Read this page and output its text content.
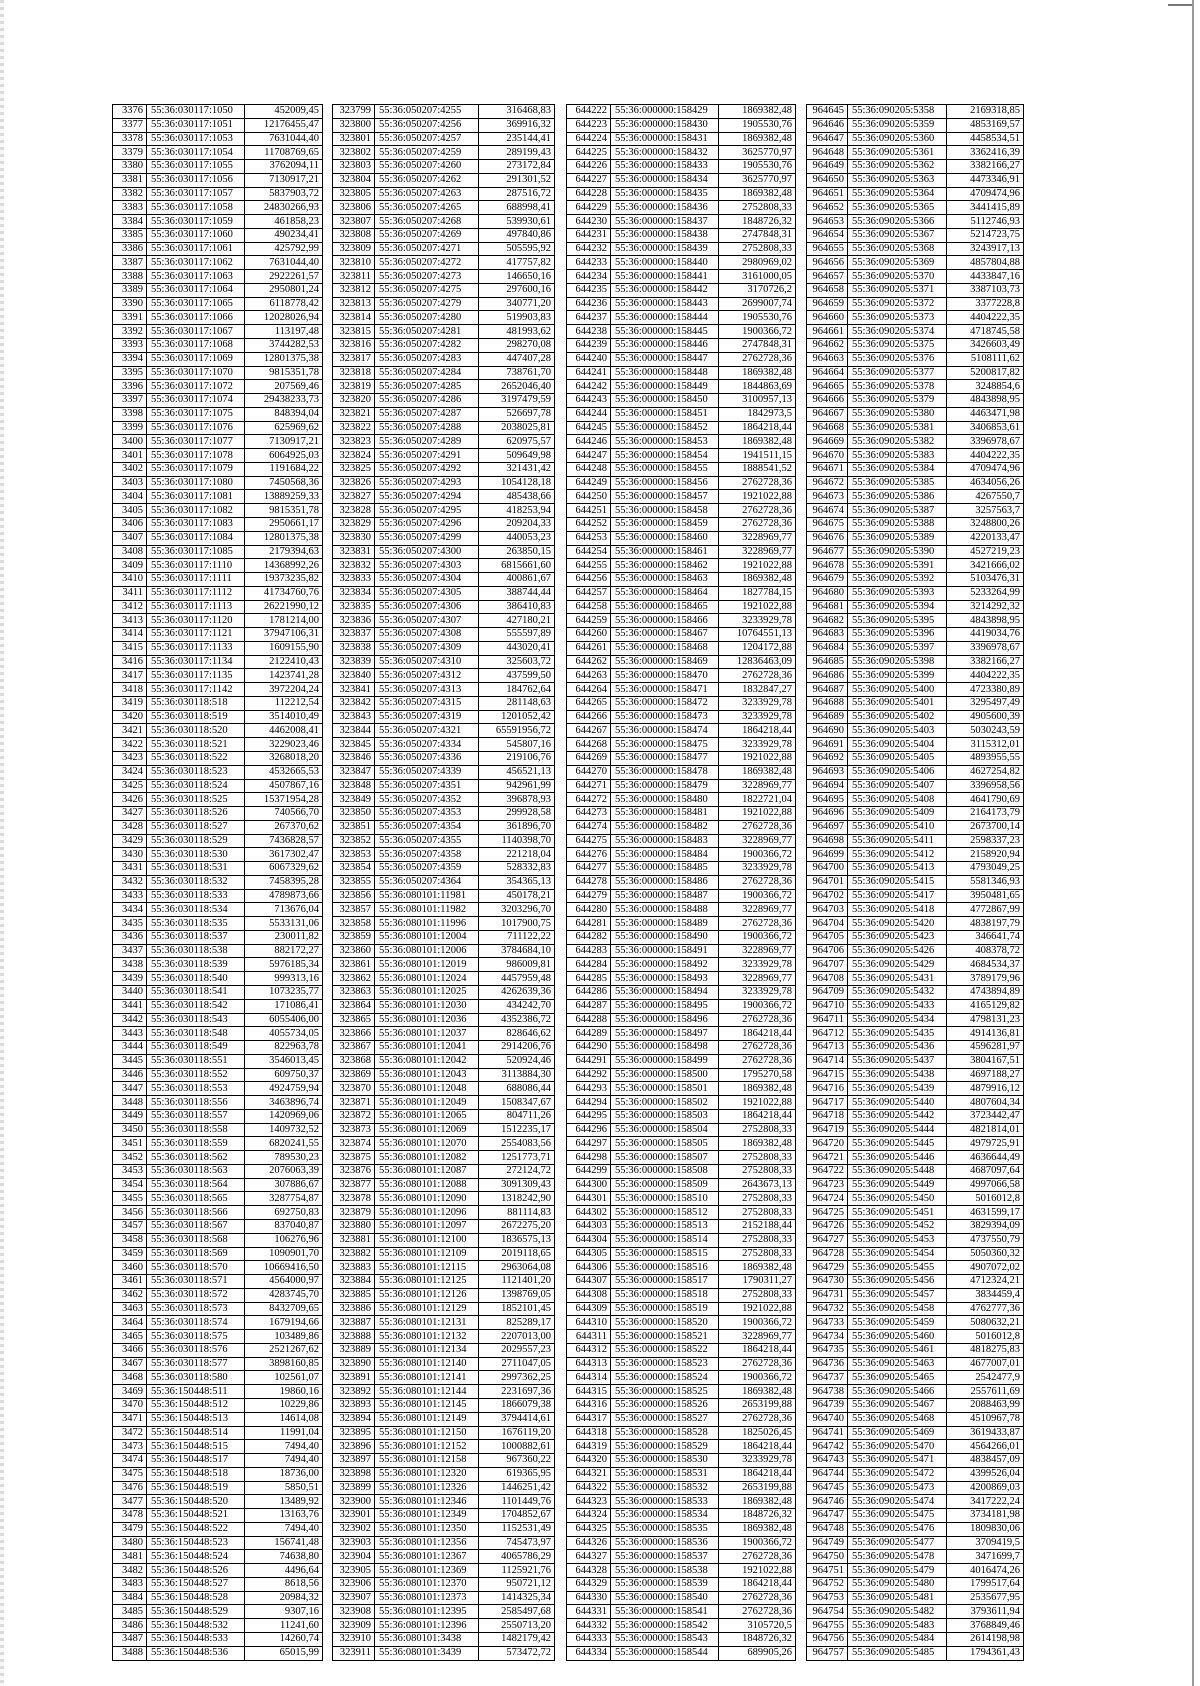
3376	55:36:030117:1050	452009,45
3377	55:36:030117:1051	12176455,47
3378	55:36:030117:1053	7631044,40
3379	55:36:030117:1054	11708769,65
3380	55:36:030117:1055	3762094,11
3381	55:36:030117:1056	7130917,21
3382	55:36:030117:1057	5837903,72
3383	55:36:030117:1058	24830266,93
3384	55:36:030117:1059	461858,23
3385	55:36:030117:1060	490234,41
3386	55:36:030117:1061	425792,99
3387	55:36:030117:1062	7631044,40
3388	55:36:030117:1063	2922261,57
3389	55:36:030117:1064	2950801,24
3390	55:36:030117:1065	6118778,42
3391	55:36:030117:1066	12028026,94
3392	55:36:030117:1067	113197,48
3393	55:36:030117:1068	3744282,53
3394	55:36:030117:1069	12801375,38
3395	55:36:030117:1070	9815351,78
3396	55:36:030117:1072	207569,46
3397	55:36:030117:1074	29438233,73
3398	55:36:030117:1075	848394,04
3399	55:36:030117:1076	625969,62
3400	55:36:030117:1077	7130917,21
3401	55:36:030117:1078	6064925,03
3402	55:36:030117:1079	1191684,22
3403	55:36:030117:1080	7450568,36
3404	55:36:030117:1081	13889259,33
3405	55:36:030117:1082	9815351,78
3406	55:36:030117:1083	2950661,17
3407	55:36:030117:1084	12801375,38
3408	55:36:030117:1085	2179394,63
3409	55:36:030117:1110	14368992,26
3410	55:36:030117:1111	19373235,82
3411	55:36:030117:1112	41734760,76
3412	55:36:030117:1113	26221990,12
3413	55:36:030117:1120	1781214,00
3414	55:36:030117:1121	37947106,31
3415	55:36:030117:1133	1609155,90
3416	55:36:030117:1134	2122410,43
3417	55:36:030117:1135	1423741,28
3418	55:36:030117:1142	3972204,24
3419	55:36:030118:518	112212,54
3420	55:36:030118:519	3514010,49
3421	55:36:030118:520	4462008,41
3422	55:36:030118:521	3229023,46
3423	55:36:030118:522	3268018,20
3424	55:36:030118:523	4532665,53
3425	55:36:030118:524	4507867,16
3426	55:36:030118:525	15371954,28
3427	55:36:030118:526	740566,70
3428	55:36:030118:527	267370,62
3429	55:36:030118:529	7436828,57
3430	55:36:030118:530	3617302,47
3431	55:36:030118:531	6067329,62
3432	55:36:030118:532	7458395,28
3433	55:36:030118:533	4789873,66
3434	55:36:030118:534	713676,04
3435	55:36:030118:535	5533131,06
3436	55:36:030118:537	230011,82
3437	55:36:030118:538	882172,27
3438	55:36:030118:539	5976185,34
3439	55:36:030118:540	999313,16
3440	55:36:030118:541	1073235,77
3441	55:36:030118:542	171086,41
3442	55:36:030118:543	6055406,00
3443	55:36:030118:548	4055734,05
3444	55:36:030118:549	822963,78
3445	55:36:030118:551	3546013,45
3446	55:36:030118:552	609750,37
3447	55:36:030118:553	4924759,94
3448	55:36:030118:556	3463896,74
3449	55:36:030118:557	1420969,06
3450	55:36:030118:558	1409732,52
3451	55:36:030118:559	6820241,55
3452	55:36:030118:562	789530,23
3453	55:36:030118:563	2076063,39
3454	55:36:030118:564	307886,67
3455	55:36:030118:565	3287754,87
3456	55:36:030118:566	692750,83
3457	55:36:030118:567	837040,87
3458	55:36:030118:568	106276,96
3459	55:36:030118:569	1090901,70
3460	55:36:030118:570	10669416,50
3461	55:36:030118:571	4564000,97
3462	55:36:030118:572	4283745,70
3463	55:36:030118:573	8432709,65
3464	55:36:030118:574	1679194,66
3465	55:36:030118:575	103489,86
3466	55:36:030118:576	2521267,62
3467	55:36:030118:577	3898160,85
3468	55:36:030118:580	102561,07
3469	55:36:150448:511	19860,16
3470	55:36:150448:512	10229,86
3471	55:36:150448:513	14614,08
3472	55:36:150448:514	11991,04
3473	55:36:150448:515	7494,40
3474	55:36:150448:517	7494,40
3475	55:36:150448:518	18736,00
3476	55:36:150448:519	5850,51
3477	55:36:150448:520	13489,92
3478	55:36:150448:521	13163,76
3479	55:36:150448:522	7494,40
3480	55:36:150448:523	156741,48
3481	55:36:150448:524	74638,80
3482	55:36:150448:526	4496,64
3483	55:36:150448:527	8618,56
3484	55:36:150448:528	20984,32
3485	55:36:150448:529	9307,16
3486	55:36:150448:532	11241,60
3487	55:36:150448:533	14260,74
3488	55:36:150448:536	65015,99
323799	55:36:050207:4255	316468,83
323800	55:36:050207:4256	369916,32
323801	55:36:050207:4257	235144,41
323802	55:36:050207:4259	289199,43
323803	55:36:050207:4260	273172,84
323804	55:36:050207:4262	291301,52
323805	55:36:050207:4263	287516,72
323806	55:36:050207:4265	688998,41
323807	55:36:050207:4268	539930,61
323808	55:36:050207:4269	497840,86
323809	55:36:050207:4271	505595,92
323810	55:36:050207:4272	417757,82
323811	55:36:050207:4273	146650,16
323812	55:36:050207:4275	297600,16
323813	55:36:050207:4279	340771,20
323814	55:36:050207:4280	519903,83
323815	55:36:050207:4281	481993,62
323816	55:36:050207:4282	298270,08
323817	55:36:050207:4283	447407,28
323818	55:36:050207:4284	738761,70
323819	55:36:050207:4285	2652046,40
323820	55:36:050207:4286	3197479,59
323821	55:36:050207:4287	526697,78
323822	55:36:050207:4288	2038025,81
323823	55:36:050207:4289	620975,57
323824	55:36:050207:4291	509649,98
323825	55:36:050207:4292	321431,42
323826	55:36:050207:4293	1054128,18
323827	55:36:050207:4294	485438,66
323828	55:36:050207:4295	418253,94
323829	55:36:050207:4296	209204,33
323830	55:36:050207:4299	440053,23
323831	55:36:050207:4300	263850,15
323832	55:36:050207:4303	6815661,60
323833	55:36:050207:4304	400861,67
323834	55:36:050207:4305	388744,44
323835	55:36:050207:4306	386410,83
323836	55:36:050207:4307	427180,21
323837	55:36:050207:4308	555597,89
323838	55:36:050207:4309	443020,41
323839	55:36:050207:4310	325603,72
323840	55:36:050207:4312	437599,50
323841	55:36:050207:4313	184762,64
323842	55:36:050207:4315	281148,63
323843	55:36:050207:4319	1201052,42
323844	55:36:050207:4321	65591956,72
323845	55:36:050207:4334	545807,16
323846	55:36:050207:4336	219106,76
323847	55:36:050207:4339	456521,13
323848	55:36:050207:4351	942961,99
323849	55:36:050207:4352	396878,93
323850	55:36:050207:4353	299928,58
323851	55:36:050207:4354	361896,70
323852	55:36:050207:4355	1140398,70
323853	55:36:050207:4358	221218,04
323854	55:36:050207:4359	528332,83
323855	55:36:050207:4364	354365,13
323856	55:36:080101:11981	450178,21
323857	55:36:080101:11982	3203296,70
323858	55:36:080101:11996	1017900,75
323859	55:36:080101:12004	711122,22
323860	55:36:080101:12006	3784684,10
323861	55:36:080101:12019	986009,81
323862	55:36:080101:12024	4457959,48
323863	55:36:080101:12025	4262639,36
323864	55:36:080101:12030	434242,70
323865	55:36:080101:12036	4352386,72
323866	55:36:080101:12037	828646,62
323867	55:36:080101:12041	2914206,76
323868	55:36:080101:12042	520924,46
323869	55:36:080101:12043	3113884,30
323870	55:36:080101:12048	688086,44
323871	55:36:080101:12049	1508347,67
323872	55:36:080101:12065	804711,26
323873	55:36:080101:12069	1512235,17
323874	55:36:080101:12070	2554083,56
323875	55:36:080101:12082	1251773,71
323876	55:36:080101:12087	272124,72
323877	55:36:080101:12088	3091309,43
323878	55:36:080101:12090	1318242,90
323879	55:36:080101:12096	881114,83
323880	55:36:080101:12097	2672275,20
323881	55:36:080101:12100	1836575,13
323882	55:36:080101:12109	2019118,65
323883	55:36:080101:12115	2963064,08
323884	55:36:080101:12125	1121401,20
323885	55:36:080101:12126	1398769,05
323886	55:36:080101:12129	1852101,45
323887	55:36:080101:12131	825289,17
323888	55:36:080101:12132	2207013,00
323889	55:36:080101:12134	2029557,23
323890	55:36:080101:12140	2711047,05
323891	55:36:080101:12141	2997362,25
323892	55:36:080101:12144	2231697,36
323893	55:36:080101:12145	1866079,38
323894	55:36:080101:12149	3794414,61
323895	55:36:080101:12150	1676119,20
323896	55:36:080101:12152	1000882,61
323897	55:36:080101:12158	967360,22
323898	55:36:080101:12320	619365,95
323899	55:36:080101:12326	1446251,42
323900	55:36:080101:12346	1101449,76
323901	55:36:080101:12349	1704852,67
323902	55:36:080101:12350	1152531,49
323903	55:36:080101:12356	745473,97
323904	55:36:080101:12367	4065786,29
323905	55:36:080101:12369	1125921,76
323906	55:36:080101:12370	950721,12
323907	55:36:080101:12373	1414325,34
323908	55:36:080101:12395	2585497,68
323909	55:36:080101:12396	2550713,20
323910	55:36:080101:3438	1482179,42
323911	55:36:080101:3439	573472,72
644222	55:36:000000:158429	1869382,48
644223	55:36:000000:158430	1905530,76
644224	55:36:000000:158431	1869382,48
644225	55:36:000000:158432	3625770,97
644226	55:36:000000:158433	1905530,76
644227	55:36:000000:158434	3625770,97
644228	55:36:000000:158435	1869382,48
644229	55:36:000000:158436	2752808,33
644230	55:36:000000:158437	1848726,32
644231	55:36:000000:158438	2747848,31
644232	55:36:000000:158439	2752808,33
644233	55:36:000000:158440	2980969,02
644234	55:36:000000:158441	3161000,05
644235	55:36:000000:158442	3170726,2
644236	55:36:000000:158443	2699007,74
644237	55:36:000000:158444	1905530,76
644238	55:36:000000:158445	1900366,72
644239	55:36:000000:158446	2747848,31
644240	55:36:000000:158447	2762728,36
644241	55:36:000000:158448	1869382,48
644242	55:36:000000:158449	1844863,69
644243	55:36:000000:158450	3100957,13
644244	55:36:000000:158451	1842973,5
644245	55:36:000000:158452	1864218,44
644246	55:36:000000:158453	1869382,48
644247	55:36:000000:158454	1941511,15
644248	55:36:000000:158455	1888541,52
644249	55:36:000000:158456	2762728,36
644250	55:36:000000:158457	1921022,88
644251	55:36:000000:158458	2762728,36
644252	55:36:000000:158459	2762728,36
644253	55:36:000000:158460	3228969,77
644254	55:36:000000:158461	3228969,77
644255	55:36:000000:158462	1921022,88
644256	55:36:000000:158463	1869382,48
644257	55:36:000000:158464	1827784,15
644258	55:36:000000:158465	1921022,88
644259	55:36:000000:158466	3233929,78
644260	55:36:000000:158467	10764551,13
644261	55:36:000000:158468	1204172,88
644262	55:36:000000:158469	12836463,09
644263	55:36:000000:158470	2762728,36
644264	55:36:000000:158471	1832847,27
644265	55:36:000000:158472	3233929,78
644266	55:36:000000:158473	3233929,78
644267	55:36:000000:158474	1864218,44
644268	55:36:000000:158475	3233929,78
644269	55:36:000000:158477	1921022,88
644270	55:36:000000:158478	1869382,48
644271	55:36:000000:158479	3228969,77
644272	55:36:000000:158480	1822721,04
644273	55:36:000000:158481	1921022,88
644274	55:36:000000:158482	2762728,36
644275	55:36:000000:158483	3228969,77
644276	55:36:000000:158484	1900366,72
644277	55:36:000000:158485	3233929,78
644278	55:36:000000:158486	2762728,36
644279	55:36:000000:158487	1900366,72
644280	55:36:000000:158488	3228969,77
644281	55:36:000000:158489	2762728,36
644282	55:36:000000:158490	1900366,72
644283	55:36:000000:158491	3228969,77
644284	55:36:000000:158492	3233929,78
644285	55:36:000000:158493	3228969,77
644286	55:36:000000:158494	3233929,78
644287	55:36:000000:158495	1900366,72
644288	55:36:000000:158496	2762728,36
644289	55:36:000000:158497	1864218,44
644290	55:36:000000:158498	2762728,36
644291	55:36:000000:158499	2762728,36
644292	55:36:000000:158500	1795270,58
644293	55:36:000000:158501	1869382,48
644294	55:36:000000:158502	1921022,88
644295	55:36:000000:158503	1864218,44
644296	55:36:000000:158504	2752808,33
644297	55:36:000000:158505	1869382,48
644298	55:36:000000:158507	2752808,33
644299	55:36:000000:158508	2752808,33
644300	55:36:000000:158509	2643673,13
644301	55:36:000000:158510	2752808,33
644302	55:36:000000:158512	2752808,33
644303	55:36:000000:158513	2152188,44
644304	55:36:000000:158514	2752808,33
644305	55:36:000000:158515	2752808,33
644306	55:36:000000:158516	1869382,48
644307	55:36:000000:158517	1790311,27
644308	55:36:000000:158518	2752808,33
644309	55:36:000000:158519	1921022,88
644310	55:36:000000:158520	1900366,72
644311	55:36:000000:158521	3228969,77
644312	55:36:000000:158522	1864218,44
644313	55:36:000000:158523	2762728,36
644314	55:36:000000:158524	1900366,72
644315	55:36:000000:158525	1869382,48
644316	55:36:000000:158526	2653199,88
644317	55:36:000000:158527	2762728,36
644318	55:36:000000:158528	1825026,45
644319	55:36:000000:158529	1864218,44
644320	55:36:000000:158530	3233929,78
644321	55:36:000000:158531	1864218,44
644322	55:36:000000:158532	2653199,88
644323	55:36:000000:158533	1869382,48
644324	55:36:000000:158534	1848726,32
644325	55:36:000000:158535	1869382,48
644326	55:36:000000:158536	1900366,72
644327	55:36:000000:158537	2762728,36
644328	55:36:000000:158538	1921022,88
644329	55:36:000000:158539	1864218,44
644330	55:36:000000:158540	2762728,36
644331	55:36:000000:158541	2762728,36
644332	55:36:000000:158542	3105720,5
644333	55:36:000000:158543	1848726,32
644334	55:36:000000:158544	689905,26
964645	55:36:090205:5358	2169318,85
964646	55:36:090205:5359	4853169,57
964647	55:36:090205:5360	4458534,51
964648	55:36:090205:5361	3362416,39
964649	55:36:090205:5362	3382166,27
964650	55:36:090205:5363	4473346,91
964651	55:36:090205:5364	4709474,96
964652	55:36:090205:5365	3441415,89
964653	55:36:090205:5366	5112746,93
964654	55:36:090205:5367	5214723,75
964655	55:36:090205:5368	3243917,13
964656	55:36:090205:5369	4857804,88
964657	55:36:090205:5370	4433847,16
964658	55:36:090205:5371	3387103,73
964659	55:36:090205:5372	3377228,8
964660	55:36:090205:5373	4404222,35
964661	55:36:090205:5374	4718745,58
964662	55:36:090205:5375	3426603,49
964663	55:36:090205:5376	5108111,62
964664	55:36:090205:5377	5200817,82
964665	55:36:090205:5378	3248854,6
964666	55:36:090205:5379	4843898,95
964667	55:36:090205:5380	4463471,98
964668	55:36:090205:5381	3406853,61
964669	55:36:090205:5382	3396978,67
964670	55:36:090205:5383	4404222,35
964671	55:36:090205:5384	4709474,96
964672	55:36:090205:5385	4634056,26
964673	55:36:090205:5386	4267550,7
964674	55:36:090205:5387	3257563,7
964675	55:36:090205:5388	3248800,26
964676	55:36:090205:5389	4220133,47
964677	55:36:090205:5390	4527219,23
964678	55:36:090205:5391	3421666,02
964679	55:36:090205:5392	5103476,31
964680	55:36:090205:5393	5233264,99
964681	55:36:090205:5394	3214292,32
964682	55:36:090205:5395	4843898,95
964683	55:36:090205:5396	4419034,76
964684	55:36:090205:5397	3396978,67
964685	55:36:090205:5398	3382166,27
964686	55:36:090205:5399	4404222,35
964687	55:36:090205:5400	4723380,89
964688	55:36:090205:5401	3295497,49
964689	55:36:090205:5402	4905600,39
964690	55:36:090205:5403	5030243,59
964691	55:36:090205:5404	3115312,01
964692	55:36:090205:5405	4893955,55
964693	55:36:090205:5406	4627254,82
964694	55:36:090205:5407	3396958,56
964695	55:36:090205:5408	4641790,69
964696	55:36:090205:5409	2164173,79
964697	55:36:090205:5410	2673700,14
964698	55:36:090205:5411	2598337,23
964699	55:36:090205:5412	2158920,94
964700	55:36:090205:5413	4793049,25
964701	55:36:090205:5415	5581346,93
964702	55:36:090205:5417	3950481,65
964703	55:36:090205:5418	4772867,99
964704	55:36:090205:5420	4838197,79
964705	55:36:090205:5423	346641,74
964706	55:36:090205:5426	408378,72
964707	55:36:090205:5429	4684534,37
964708	55:36:090205:5431	3789179,96
964709	55:36:090205:5432	4743894,89
964710	55:36:090205:5433	4165129,82
964711	55:36:090205:5434	4798131,23
964712	55:36:090205:5435	4914136,81
964713	55:36:090205:5436	4596281,97
964714	55:36:090205:5437	3804167,51
964715	55:36:090205:5438	4697188,27
964716	55:36:090205:5439	4879916,12
964717	55:36:090205:5440	4807604,34
964718	55:36:090205:5442	3723442,47
964719	55:36:090205:5444	4821814,01
964720	55:36:090205:5445	4979725,91
964721	55:36:090205:5446	4636644,49
964722	55:36:090205:5448	4687097,64
964723	55:36:090205:5449	4997066,58
964724	55:36:090205:5450	5016012,8
964725	55:36:090205:5451	4631599,17
964726	55:36:090205:5452	3829394,09
964727	55:36:090205:5453	4737550,79
964728	55:36:090205:5454	5050360,32
964729	55:36:090205:5455	4907072,02
964730	55:36:090205:5456	4712324,21
964731	55:36:090205:5457	3834459,4
964732	55:36:090205:5458	4762777,36
964733	55:36:090205:5459	5080632,21
964734	55:36:090205:5460	5016012,8
964735	55:36:090205:5461	4818275,83
964736	55:36:090205:5463	4677007,01
964737	55:36:090205:5465	2542477,9
964738	55:36:090205:5466	2557611,69
964739	55:36:090205:5467	2088463,99
964740	55:36:090205:5468	4510967,78
964741	55:36:090205:5469	3619433,87
964742	55:36:090205:5470	4564266,01
964743	55:36:090205:5471	4838457,09
964744	55:36:090205:5472	4399526,04
964745	55:36:090205:5473	4200869,03
964746	55:36:090205:5474	3417222,24
964747	55:36:090205:5475	3734181,98
964748	55:36:090205:5476	1809830,06
964749	55:36:090205:5477	3709419,5
964750	55:36:090205:5478	3471699,7
964751	55:36:090205:5479	4016474,26
964752	55:36:090205:5480	1799517,64
964753	55:36:090205:5481	2535677,95
964754	55:36:090205:5482	3793611,94
964755	55:36:090205:5483	3768849,46
964756	55:36:090205:5484	2614198,98
964757	55:36:090205:5485	1794361,43
